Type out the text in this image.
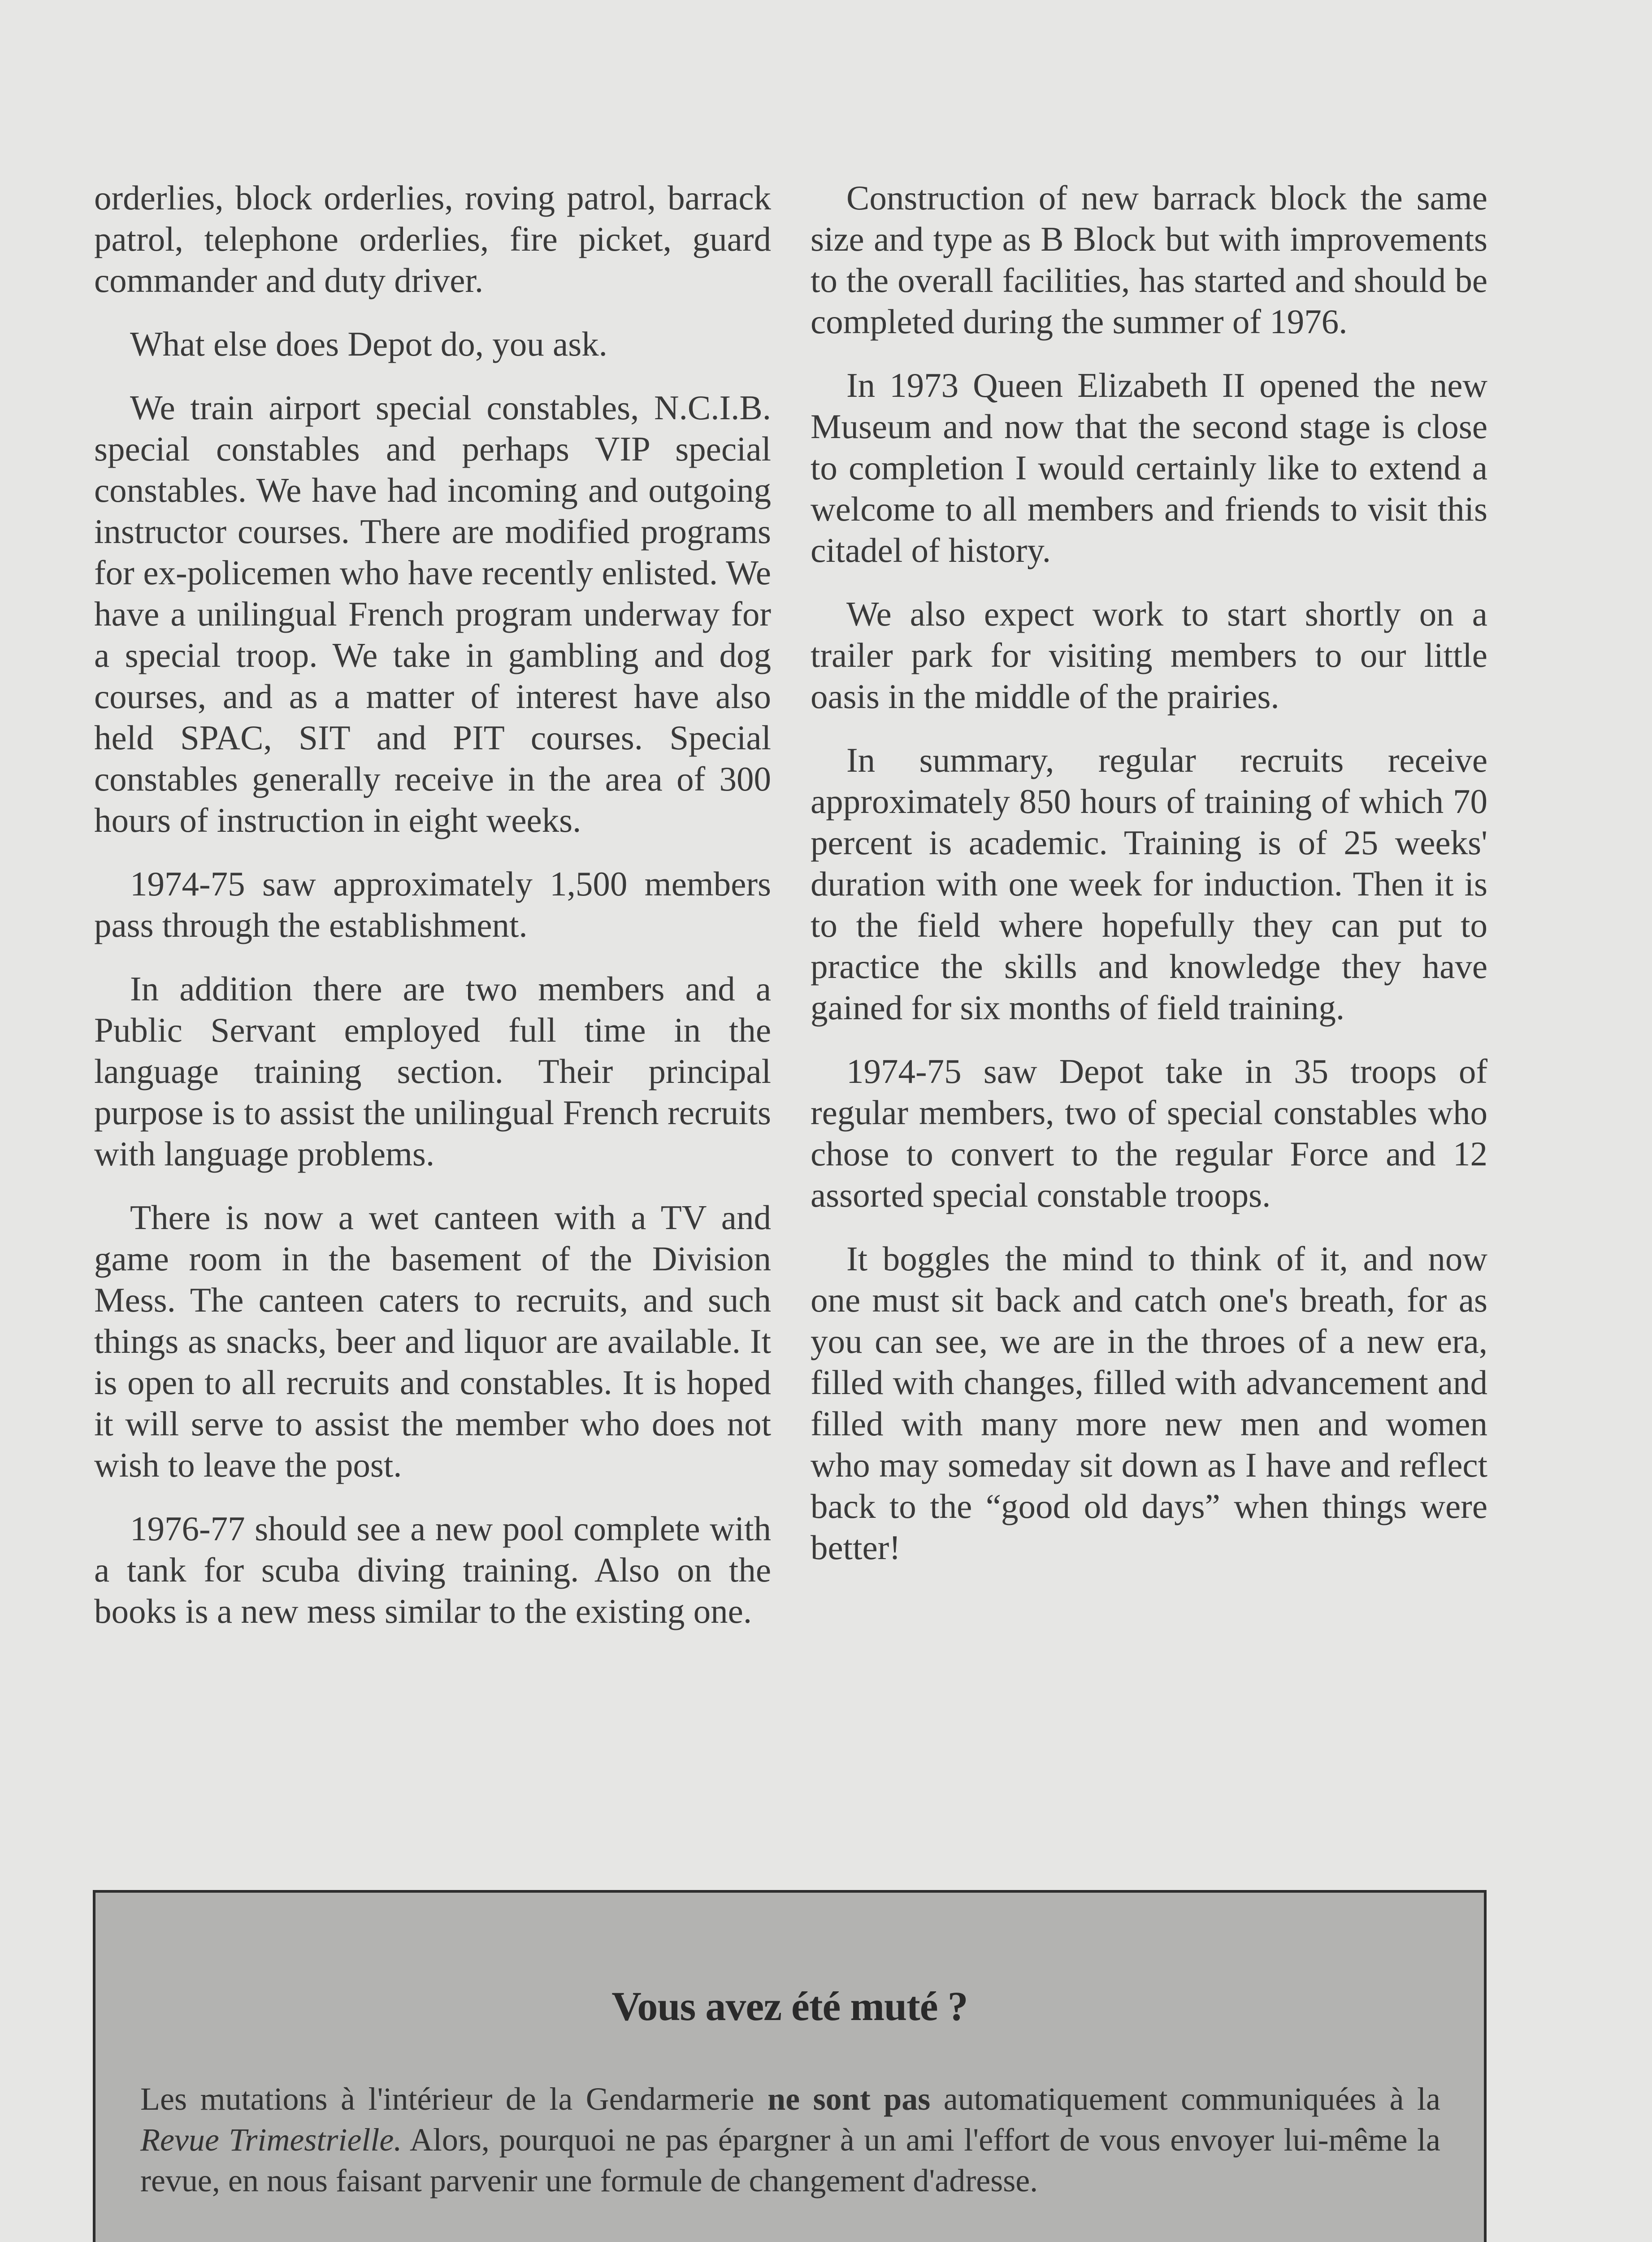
orderlies, block orderlies, roving patrol, barrack patrol, telephone orderlies, fire picket, guard commander and duty driver.

What else does Depot do, you ask.

We train airport special constables, N.C.I.B. special constables and perhaps VIP special constables. We have had incoming and outgoing instructor courses. There are modified programs for ex-policemen who have recently enlisted. We have a unilingual French program underway for a special troop. We take in gambling and dog courses, and as a matter of interest have also held SPAC, SIT and PIT courses. Special constables generally receive in the area of 300 hours of instruction in eight weeks.

1974-75 saw approximately 1,500 members pass through the establishment.

In addition there are two members and a Public Servant employed full time in the language training section. Their principal purpose is to assist the unilingual French recruits with language problems.

There is now a wet canteen with a TV and game room in the basement of the Division Mess. The canteen caters to recruits, and such things as snacks, beer and liquor are available. It is open to all recruits and constables. It is hoped it will serve to assist the member who does not wish to leave the post.

1976-77 should see a new pool complete with a tank for scuba diving training. Also on the books is a new mess similar to the existing one.

Construction of new barrack block the same size and type as B Block but with improvements to the overall facilities, has started and should be completed during the summer of 1976.

In 1973 Queen Elizabeth II opened the new Museum and now that the second stage is close to completion I would certainly like to extend a welcome to all members and friends to visit this citadel of history.

We also expect work to start shortly on a trailer park for visiting members to our little oasis in the middle of the prairies.

In summary, regular recruits receive approximately 850 hours of training of which 70 percent is academic. Training is of 25 weeks' duration with one week for induction. Then it is to the field where hopefully they can put to practice the skills and knowledge they have gained for six months of field training.

1974-75 saw Depot take in 35 troops of regular members, two of special constables who chose to convert to the regular Force and 12 assorted special constable troops.

It boggles the mind to think of it, and now one must sit back and catch one's breath, for as you can see, we are in the throes of a new era, filled with changes, filled with advancement and filled with many more new men and women who may someday sit down as I have and reflect back to the “good old days” when things were better!

Vous avez été muté ?

Les mutations à l'intérieur de la Gendarmerie ne sont pas automatiquement communiquées à la Revue Trimestrielle. Alors, pourquoi ne pas épargner à un ami l'effort de vous envoyer lui-même la revue, en nous faisant parvenir une formule de changement d'adresse.
